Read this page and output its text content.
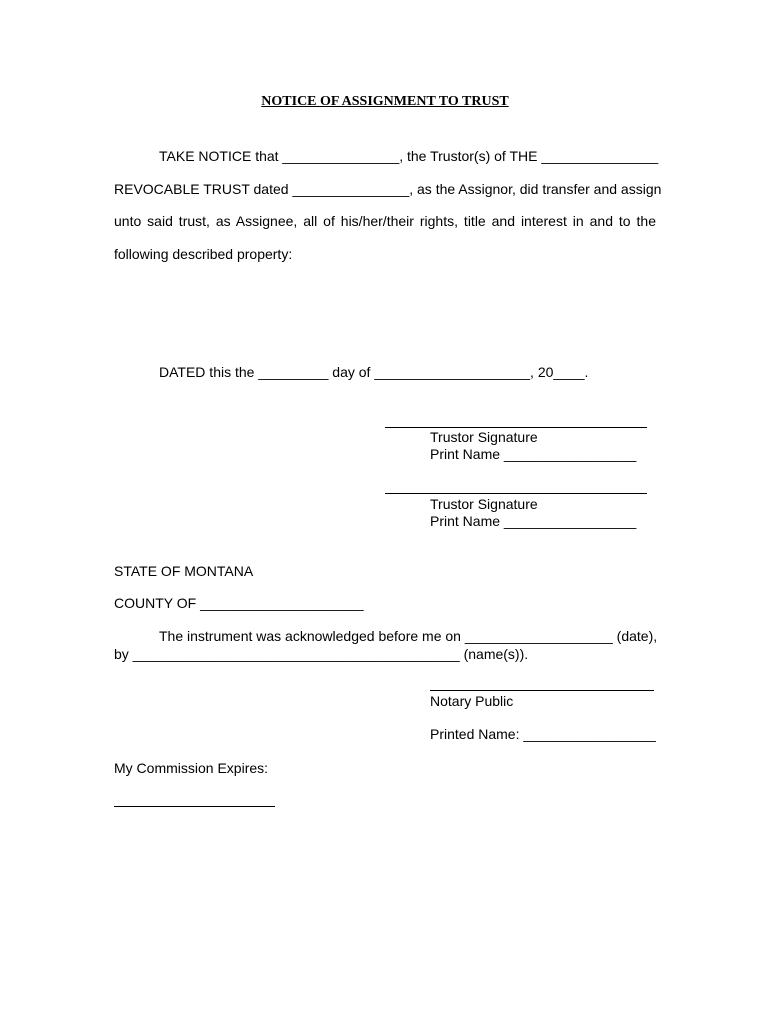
NOTICE OF ASSIGNMENT TO TRUST
TAKE NOTICE that _______________, the Trustor(s) of THE _______________
REVOCABLE TRUST dated _______________, as the Assignor, did transfer and assign
unto said trust, as Assignee, all of his/her/their rights, title and interest in and to the
following described property:
DATED this the _________ day of ____________________, 20____.
Trustor Signature
Print Name _________________
Trustor Signature
Print Name _________________
STATE OF MONTANA
COUNTY OF _____________________
The instrument was acknowledged before me on ___________________ (date),
by __________________________________________ (name(s)).
Notary Public
Printed Name: _________________
My Commission Expires:
